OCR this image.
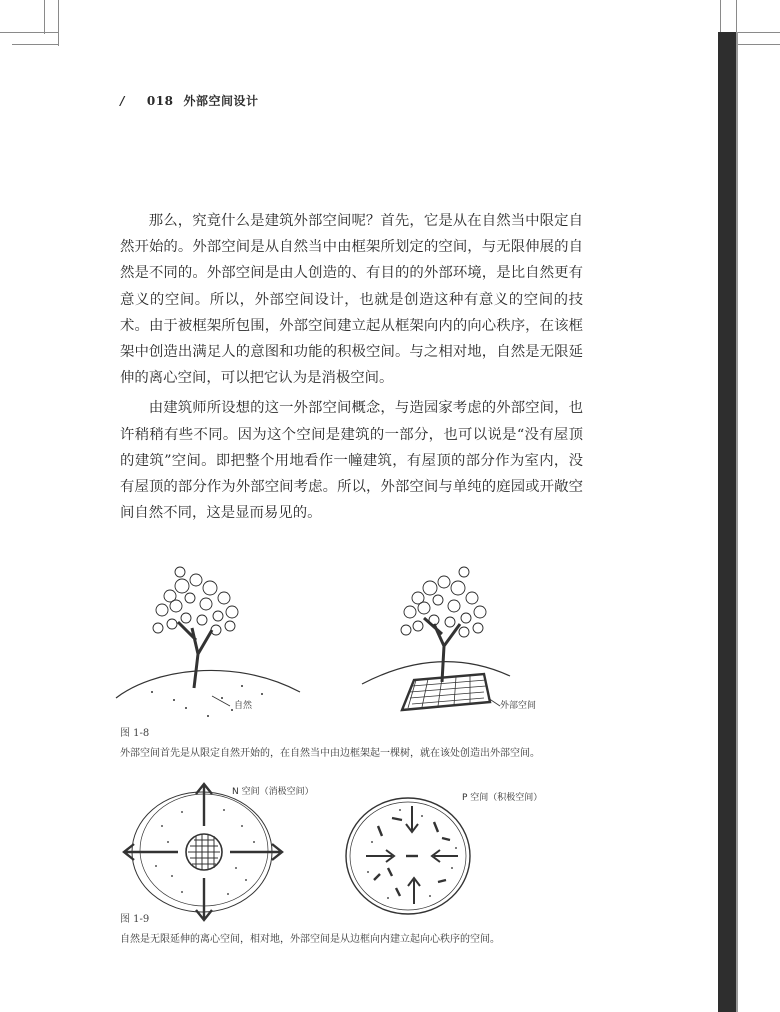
/ 018 外部空间设计

那么，究竟什么是建筑外部空间呢？首先，它是从在自然当中限定自然开始的。外部空间是从自然当中由框架所划定的空间，与无限伸展的自然是不同的。外部空间是由人创造的、有目的的外部环境，是比自然更有意义的空间。所以，外部空间设计，也就是创造这种有意义的空间的技术。由于被框架所包围，外部空间建立起从框架向内的向心秩序，在该框架中创造出满足人的意图和功能的积极空间。与之相对地，自然是无限延伸的离心空间，可以把它认为是消极空间。

由建筑师所设想的这一外部空间概念，与造园家考虑的外部空间，也许稍稍有些不同。因为这个空间是建筑的一部分，也可以说是“没有屋顶的建筑”空间。即把整个用地看作一幢建筑，有屋顶的部分作为室内，没有屋顶的部分作为外部空间考虑。所以，外部空间与单纯的庭园或开敞空间自然不同，这是显而易见的。

自然	外部空间
图 1-8
外部空间首先是从限定自然开始的，在自然当中由边框架起一棵树，就在该处创造出外部空间。
N 空间（消极空间）
P 空间（积极空间）
图 1-9
自然是无限延伸的离心空间，相对地，外部空间是从边框向内建立起向心秩序的空间。
